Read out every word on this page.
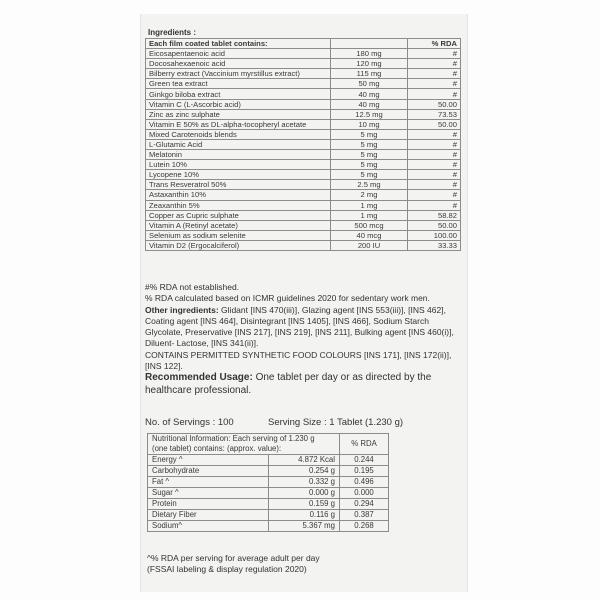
Ingredients :
Each film coated tablet contains:		% RDA
Eicosapentaenoic acid	180 mg	#
Docosahexaenoic acid	120 mg	#
Bilberry extract (Vaccinium myrstillus extract)	115 mg	#
Green tea extract	50 mg	#
Ginkgo biloba extract	40 mg	#
Vitamin C (L-Ascorbic acid)	40 mg	50.00
Zinc as zinc sulphate	12.5 mg	73.53
Vitamin E 50% as DL-alpha-tocopheryl acetate	10 mg	50.00
Mixed Carotenoids blends	5 mg	#
L-Glutamic Acid	5 mg	#
Melatonin	5 mg	#
Lutein 10%	5 mg	#
Lycopene 10%	5 mg	#
Trans Resveratrol 50%	2.5 mg	#
Astaxanthin 10%	2 mg	#
Zeaxanthin 5%	1 mg	#
Copper as Cupric sulphate	1 mg	58.82
Vitamin A (Retinyl acetate)	500 mcg	50.00
Selenium as sodium selenite	40 mcg	100.00
Vitamin D2 (Ergocalciferol)	200 IU	33.33

#% RDA not established.

% RDA calculated based on ICMR guidelines 2020 for sedentary work men.

Other ingredients: Glidant [INS 470(iii)], Glazing agent [INS 553(iii)], [INS 462], Coating agent [INS 464], Disintegrant [INS 1405], [INS 466], Sodium Starch Glycolate, Preservative [INS 217], [INS 219], [INS 211], Bulking agent [INS 460(i)], Diluent- Lactose, [INS 341(ii)].

CONTAINS PERMITTED SYNTHETIC FOOD COLOURS [INS 171], [INS 172(ii)], [INS 122].

Recommended Usage: One tablet per day or as directed by the healthcare professional.

No. of Servings : 100	Serving Size : 1 Tablet (1.230 g)
Nutritional Information: Each serving of 1.230 g
(one tablet) contains: (approx. value):		% RDA
Energy ^	4.872 Kcal	0.244
Carbohydrate	0.254 g	0.195
Fat ^	0.332 g	0.496
Sugar ^	0.000 g	0.000
Protein	0.159 g	0.294
Dietary Fiber	0.116 g	0.387
Sodium^	5.367 mg	0.268
^% RDA per serving for average adult per day
(FSSAI labeling & display regulation 2020)
